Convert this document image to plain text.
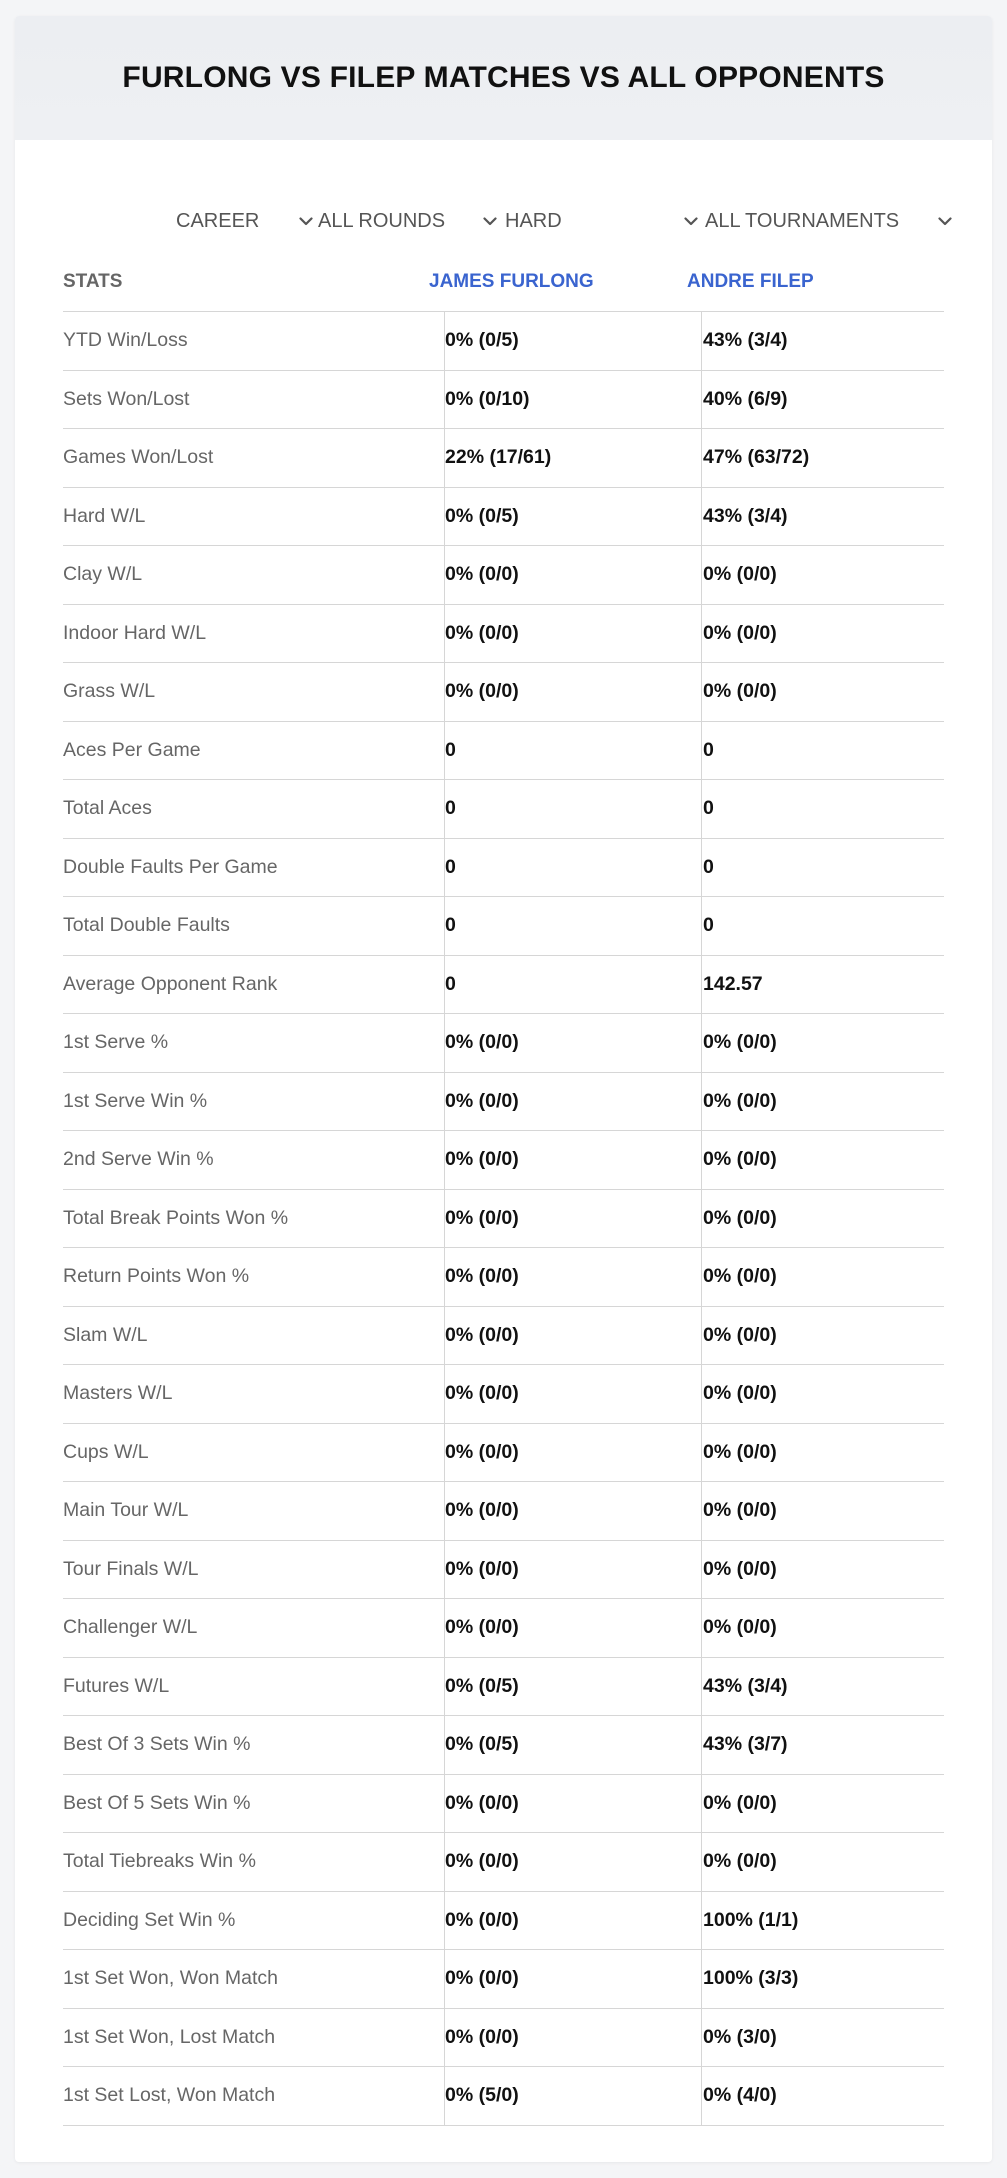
FURLONG VS FILEP MATCHES VS ALL OPPONENTS
CAREER	ALL ROUNDS	HARD	ALL TOURNAMENTS
STATS	JAMES FURLONG	ANDRE FILEP
YTD Win/Loss	0% (0/5)	43% (3/4)
Sets Won/Lost	0% (0/10)	40% (6/9)
Games Won/Lost	22% (17/61)	47% (63/72)
Hard W/L	0% (0/5)	43% (3/4)
Clay W/L	0% (0/0)	0% (0/0)
Indoor Hard W/L	0% (0/0)	0% (0/0)
Grass W/L	0% (0/0)	0% (0/0)
Aces Per Game	0	0
Total Aces	0	0
Double Faults Per Game	0	0
Total Double Faults	0	0
Average Opponent Rank	0	142.57
1st Serve %	0% (0/0)	0% (0/0)
1st Serve Win %	0% (0/0)	0% (0/0)
2nd Serve Win %	0% (0/0)	0% (0/0)
Total Break Points Won %	0% (0/0)	0% (0/0)
Return Points Won %	0% (0/0)	0% (0/0)
Slam W/L	0% (0/0)	0% (0/0)
Masters W/L	0% (0/0)	0% (0/0)
Cups W/L	0% (0/0)	0% (0/0)
Main Tour W/L	0% (0/0)	0% (0/0)
Tour Finals W/L	0% (0/0)	0% (0/0)
Challenger W/L	0% (0/0)	0% (0/0)
Futures W/L	0% (0/5)	43% (3/4)
Best Of 3 Sets Win %	0% (0/5)	43% (3/7)
Best Of 5 Sets Win %	0% (0/0)	0% (0/0)
Total Tiebreaks Win %	0% (0/0)	0% (0/0)
Deciding Set Win %	0% (0/0)	100% (1/1)
1st Set Won, Won Match	0% (0/0)	100% (3/3)
1st Set Won, Lost Match	0% (0/0)	0% (3/0)
1st Set Lost, Won Match	0% (5/0)	0% (4/0)
